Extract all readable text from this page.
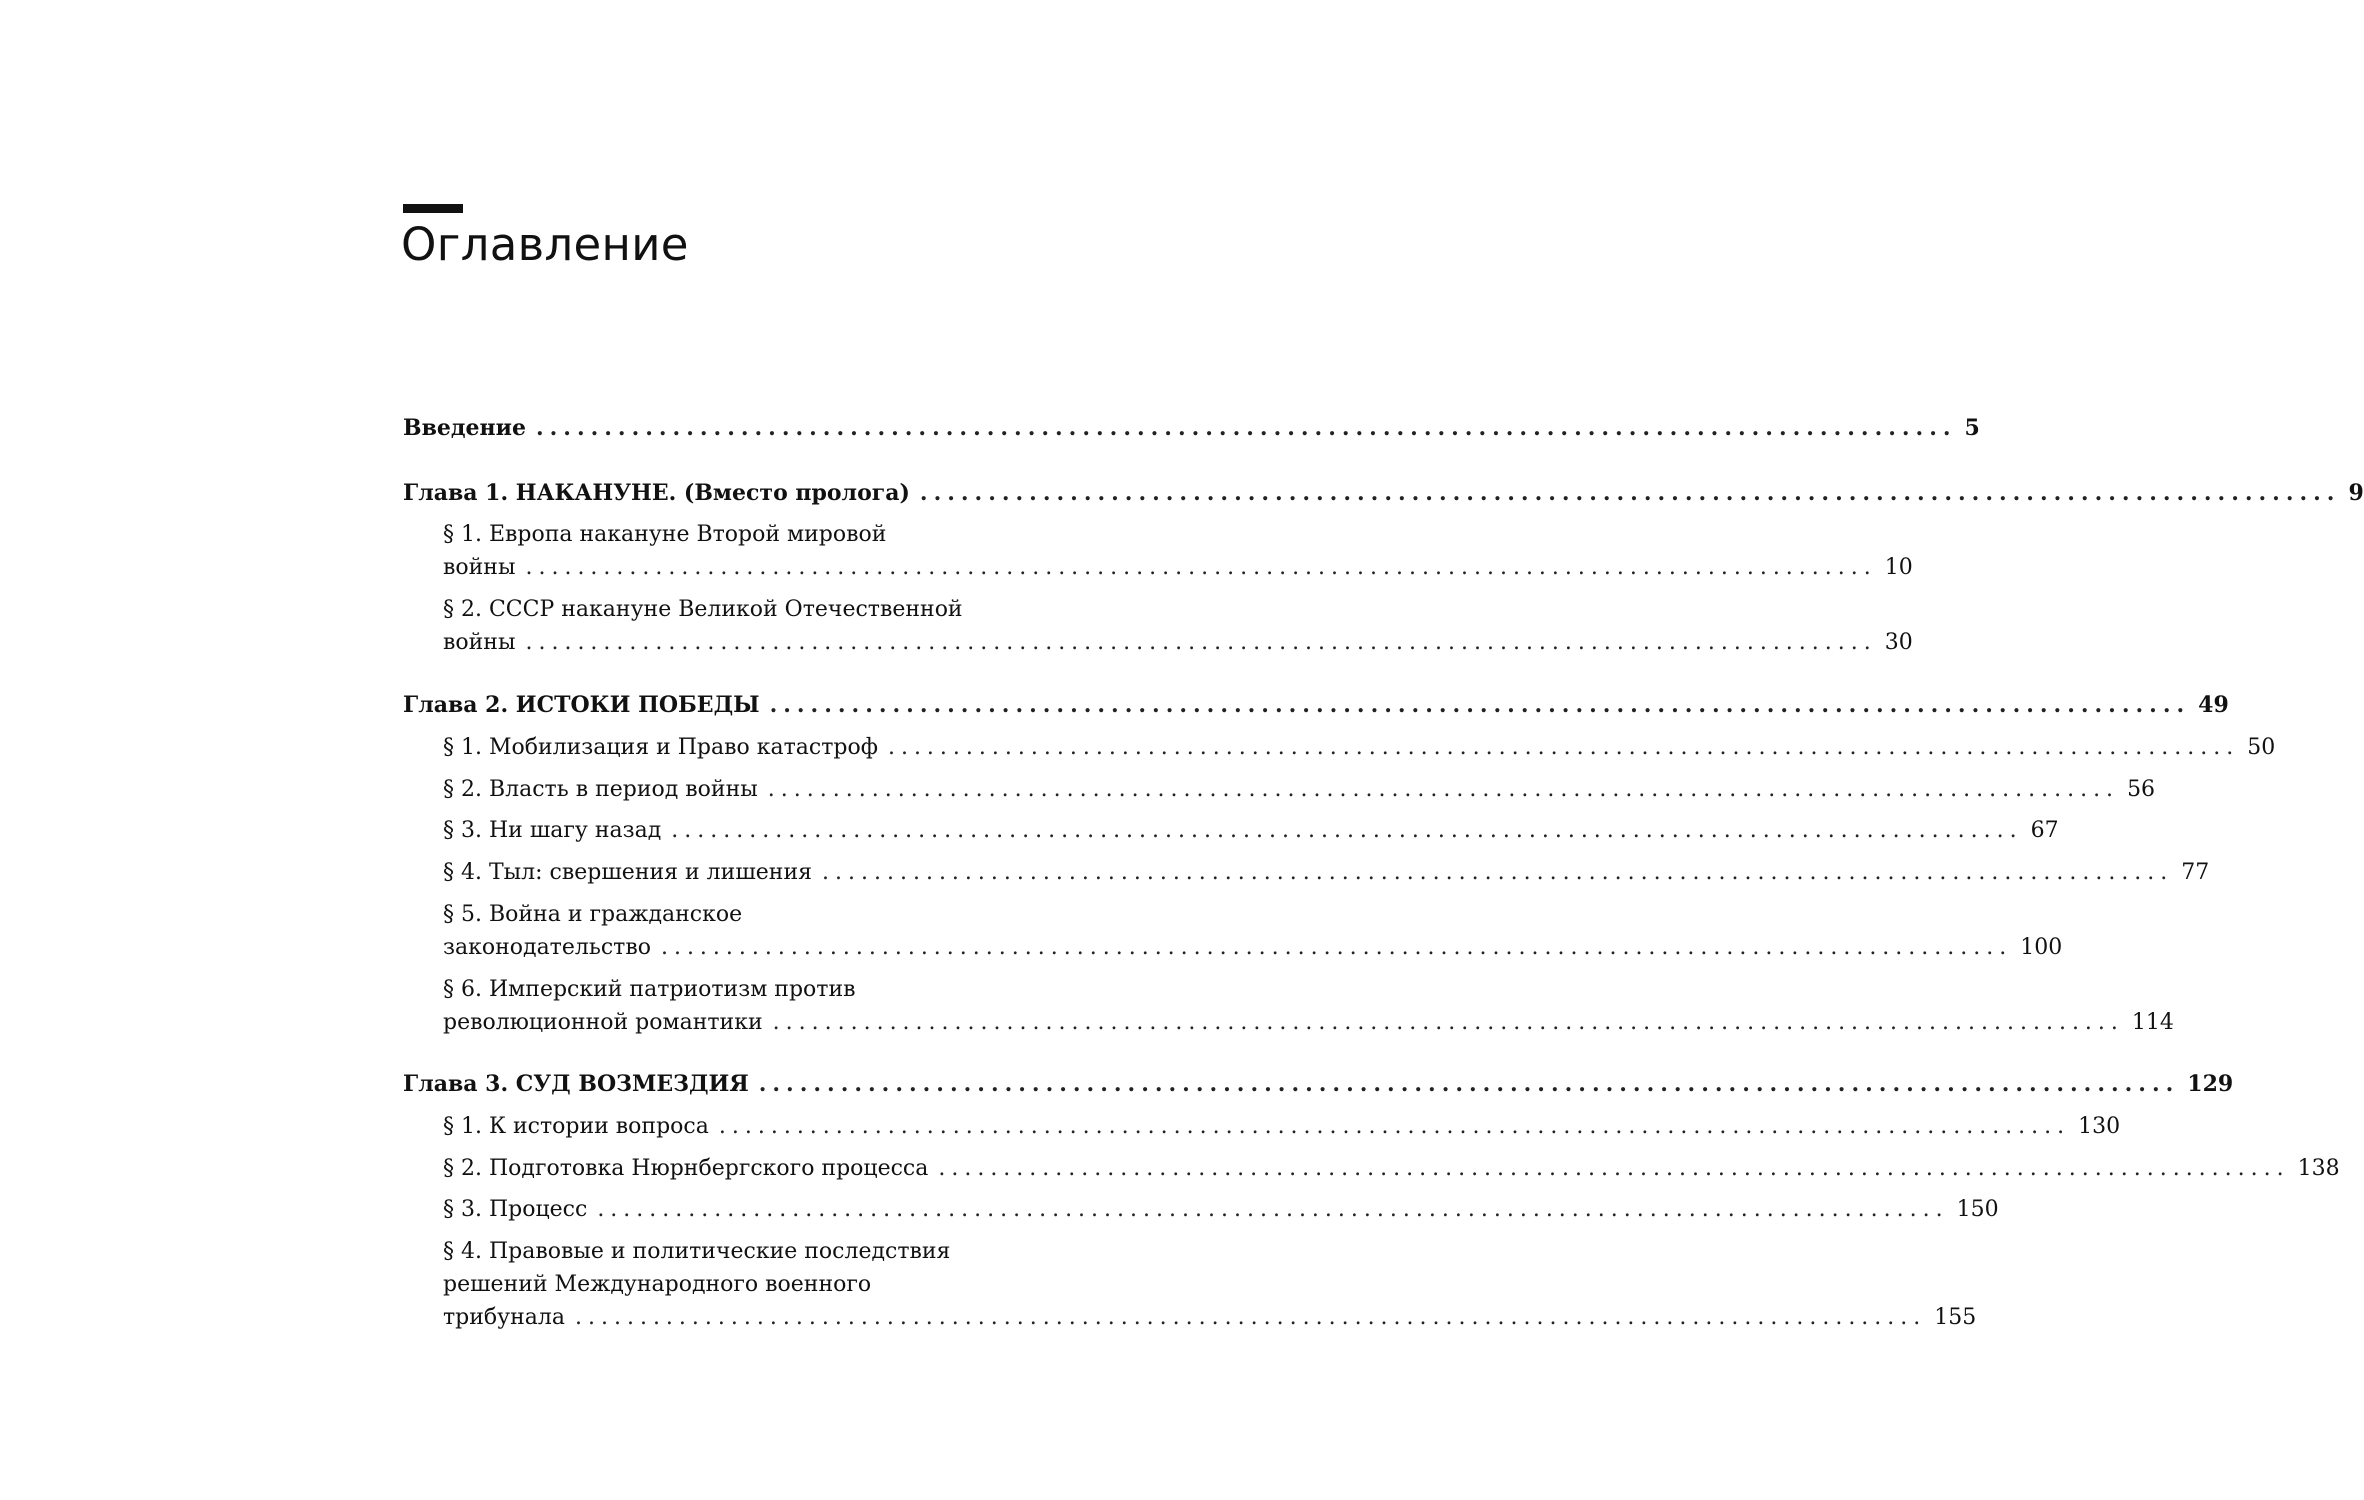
Оглавление
Введение ........................................................................................................ 5
Глава 1. НАКАНУНЕ. (Вместо пролога) ........................................................................................................ 9
§ 1. Европа накануне Второй мировой
войны ........................................................................................................ 10
§ 2. СССР накануне Великой Отечественной
войны ........................................................................................................ 30
Глава 2. ИСТОКИ ПОБЕДЫ ........................................................................................................ 49
§ 1. Мобилизация и Право катастроф ........................................................................................................ 50
§ 2. Власть в период войны ........................................................................................................ 56
§ 3. Ни шагу назад ........................................................................................................ 67
§ 4. Тыл: свершения и лишения ........................................................................................................ 77
§ 5. Война и гражданское
законодательство ........................................................................................................ 100
§ 6. Имперский патриотизм против
революционной романтики ........................................................................................................ 114
Глава 3. СУД ВОЗМЕЗДИЯ ........................................................................................................ 129
§ 1. К истории вопроса ........................................................................................................ 130
§ 2. Подготовка Нюрнбергского процесса ........................................................................................................ 138
§ 3. Процесс ........................................................................................................ 150
§ 4. Правовые и политические последствия
решений Международного военного
трибунала ........................................................................................................ 155
